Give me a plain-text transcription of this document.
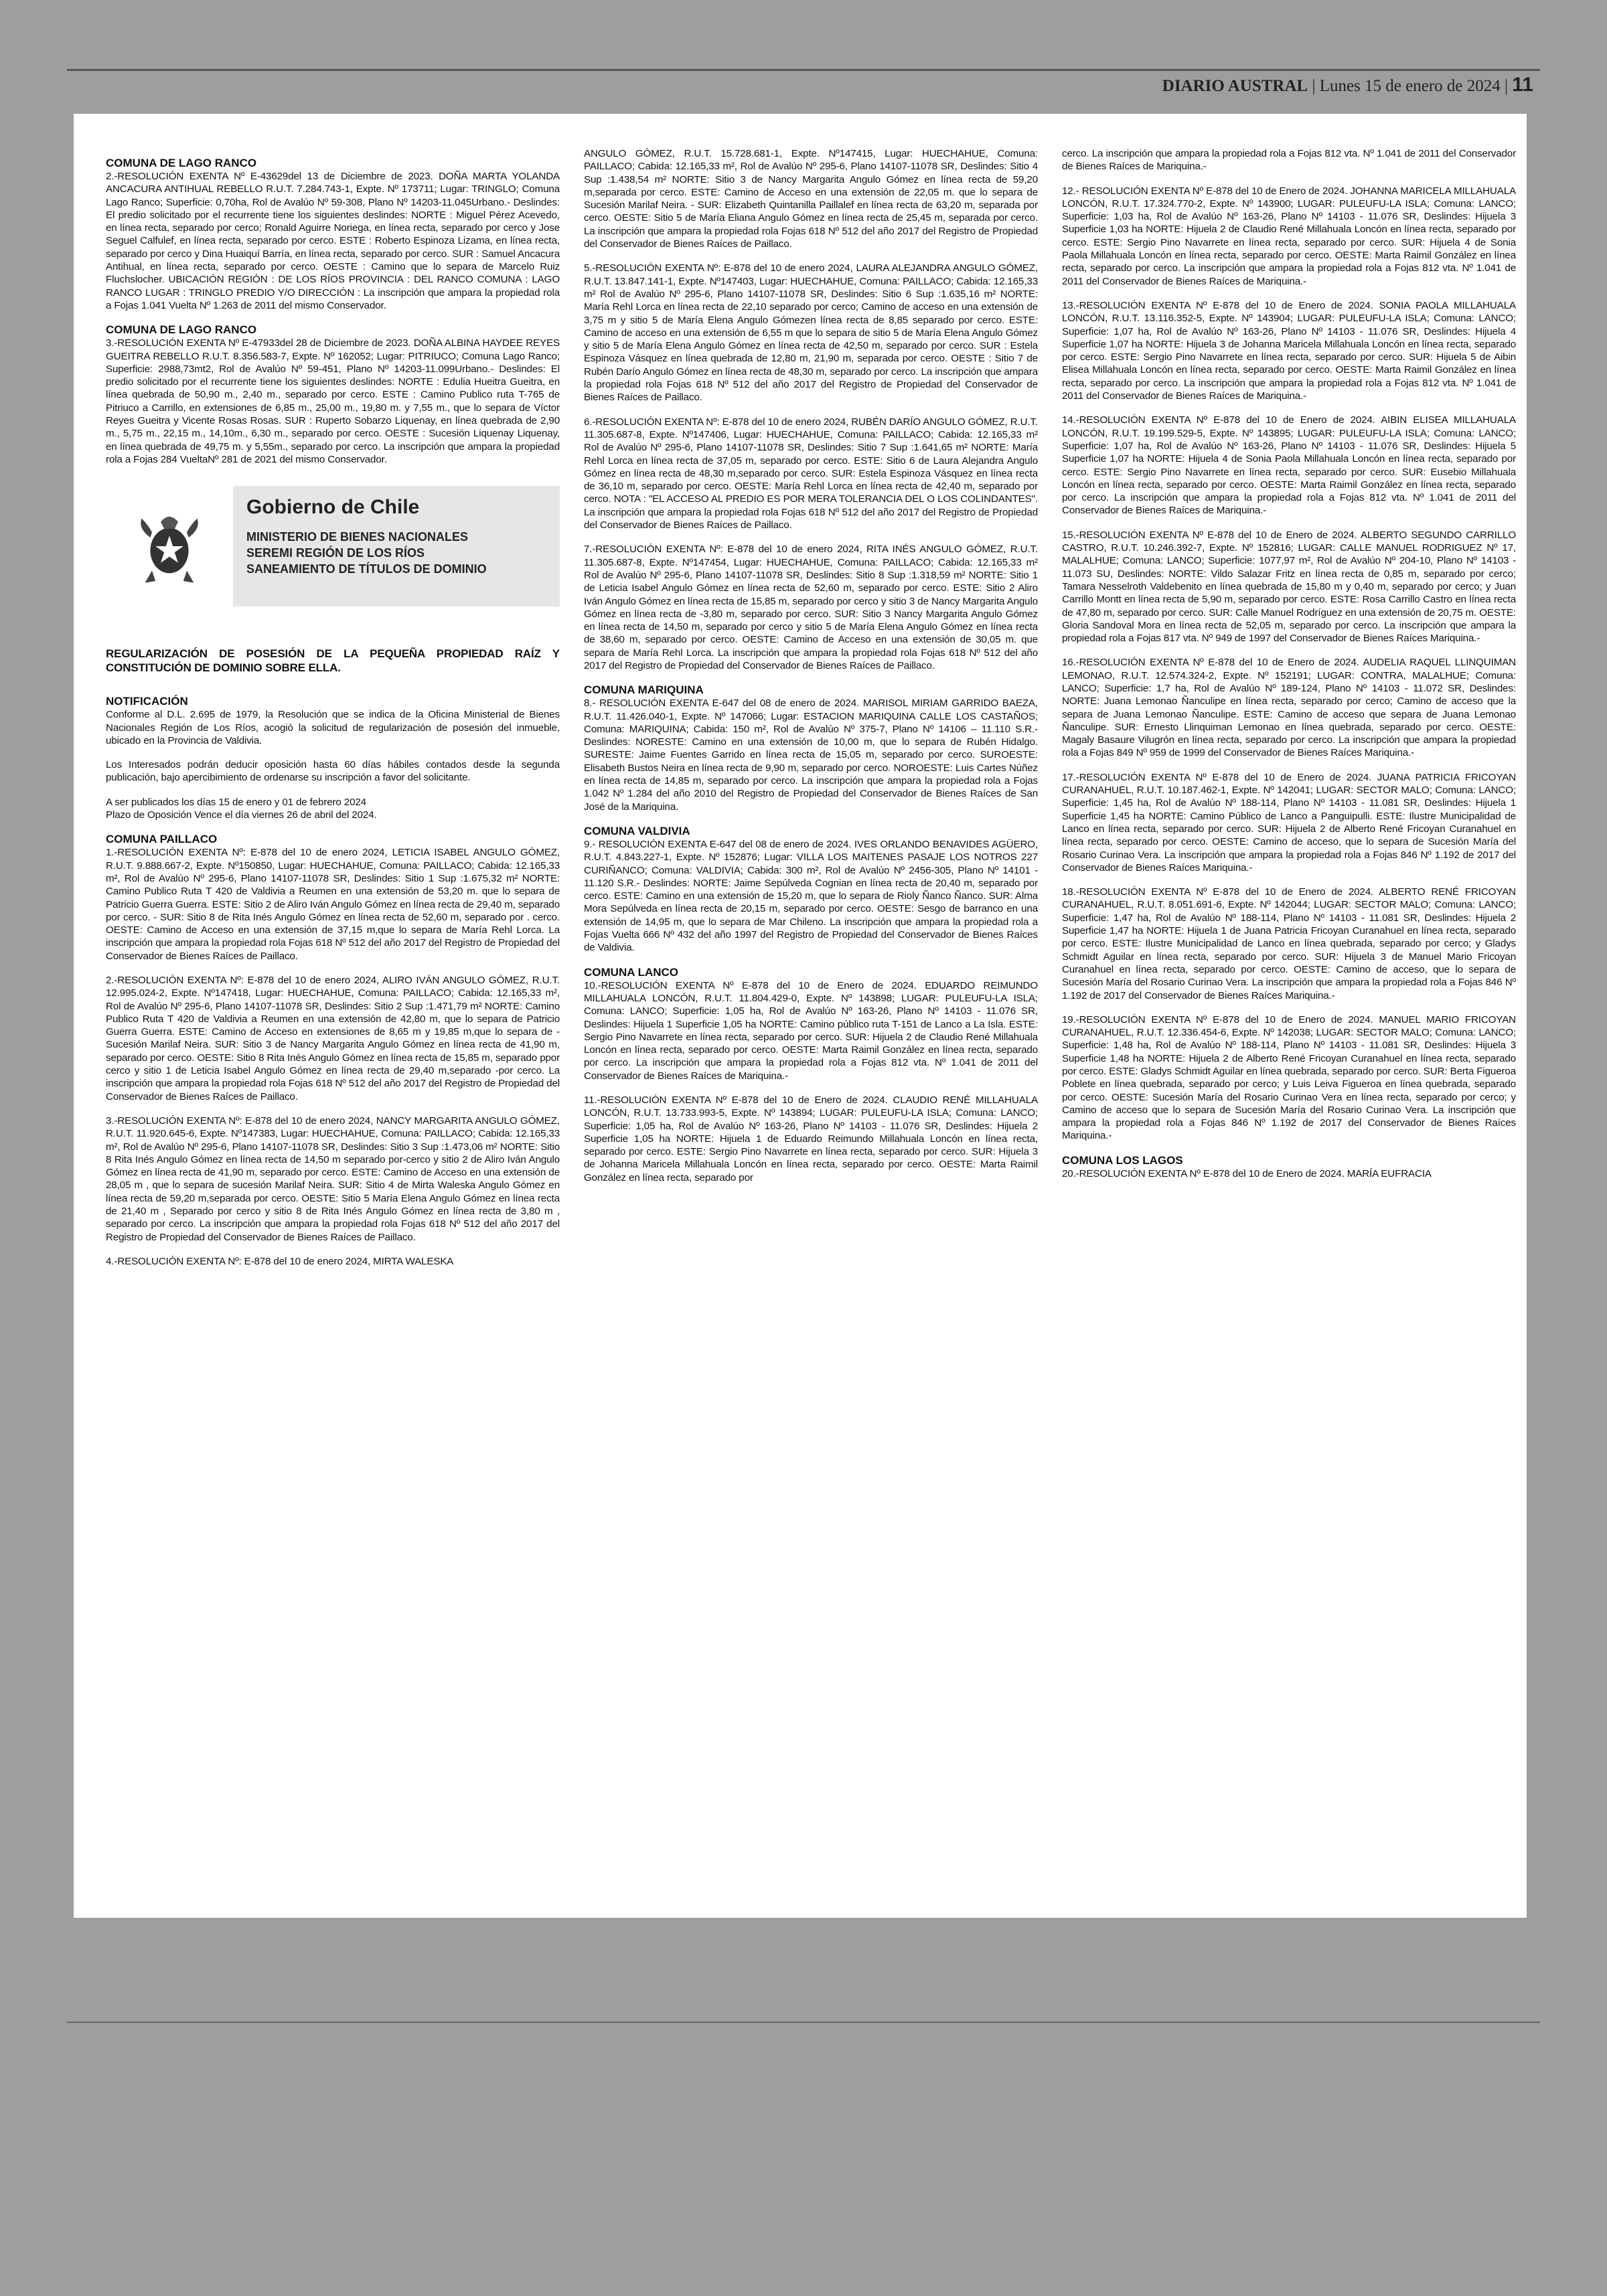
DIARIO AUSTRAL | Lunes 15 de enero de 2024 | 11
COMUNA DE LAGO RANCO

2.-RESOLUCIÓN EXENTA Nº E-43629del 13 de Diciembre de 2023. DOÑA MARTA YOLANDA ANCACURA ANTIHUAL REBELLO R.U.T. 7.284.743-1, Expte. Nº 173711; Lugar: TRINGLO; Comuna Lago Ranco; Superficie: 0,70ha, Rol de Avalúo Nº 59-308, Plano Nº 14203-11.045Urbano.- Deslindes: El predio solicitado por el recurrente tiene los siguientes deslindes: NORTE : Miguel Pérez Acevedo, en línea recta, separado por cerco; Ronald Aguirre Noriega, en línea recta, separado por cerco y Jose Seguel Calfulef, en línea recta, separado por cerco. ESTE : Roberto Espinoza Lizama, en línea recta, separado por cerco y Dina Huaiquí Barría, en línea recta, separado por cerco. SUR : Samuel Ancacura Antihual, en línea recta, separado por cerco. OESTE : Camino que lo separa de Marcelo Ruiz Fluchslocher. UBICACIÓN REGIÓN : DE LOS RÍOS PROVINCIA : DEL RANCO COMUNA : LAGO RANCO LUGAR : TRINGLO PREDIO Y/O DIRECCIÓN : La inscripción que ampara la propiedad rola a Fojas 1.041 Vuelta Nº 1.263 de 2011 del mismo Conservador.

COMUNA DE LAGO RANCO

3.-RESOLUCIÓN EXENTA Nº E-47933del 28 de Diciembre de 2023. DOÑA ALBINA HAYDEE REYES GUEITRA REBELLO R.U.T. 8.356.583-7, Expte. Nº 162052; Lugar: PITRIUCO; Comuna Lago Ranco; Superficie: 2988,73mt2, Rol de Avalúo Nº 59-451, Plano Nº 14203-11.099Urbano.- Deslindes: El predio solicitado por el recurrente tiene los siguientes deslindes: NORTE : Edulia Hueitra Gueitra, en línea quebrada de 50,90 m., 2,40 m., separado por cerco. ESTE : Camino Publico ruta T-765 de Pitriuco a Carrillo, en extensiones de 6,85 m., 25,00 m., 19,80 m. y 7,55 m., que lo separa de Víctor Reyes Gueitra y Vicente Rosas Rosas. SUR : Ruperto Sobarzo Liquenay, en línea quebrada de 2,90 m., 5,75 m., 22,15 m., 14,10m., 6,30 m., separado por cerco. OESTE : Sucesión Liquenay Liquenay, en línea quebrada de 49,75 m. y 5,55m., separado por cerco. La inscripción que ampara la propiedad rola a Fojas 284 VueltaNº 281 de 2021 del mismo Conservador.

Gobierno de Chile
MINISTERIO DE BIENES NACIONALES
SEREMI REGIÓN DE LOS RÍOS
SANEAMIENTO DE TÍTULOS DE DOMINIO

REGULARIZACIÓN DE POSESIÓN DE LA PEQUEÑA PROPIEDAD RAÍZ Y CONSTITUCIÓN DE DOMINIO SOBRE ELLA.

NOTIFICACIÓN

Conforme al D.L. 2.695 de 1979, la Resolución que se indica de la Oficina Ministerial de Bienes Nacionales Región de Los Ríos, acogió la solicitud de regularización de posesión del inmueble, ubicado en la Provincia de Valdivia.

Los Interesados podrán deducir oposición hasta 60 días hábiles contados desde la segunda publicación, bajo apercibimiento de ordenarse su inscripción a favor del solicitante.

A ser publicados los días 15 de enero y 01 de febrero 2024

Plazo de Oposición Vence el día viernes 26 de abril del 2024.

COMUNA PAILLACO

1.-RESOLUCIÓN EXENTA Nº: E-878 del 10 de enero 2024, LETICIA ISABEL ANGULO GÓMEZ, R.U.T. 9.888.667-2, Expte. Nº150850, Lugar: HUECHAHUE, Comuna: PAILLACO; Cabida: 12.165,33 m², Rol de Avalúo Nº 295-6, Plano 14107-11078 SR, Deslindes: Sitio 1 Sup :1.675,32 m² NORTE: Camino Publico Ruta T 420 de Valdivia a Reumen en una extensión de 53,20 m. que lo separa de Patricio Guerra Guerra. ESTE: Sitio 2 de Aliro Iván Angulo Gómez en línea recta de 29,40 m, separado por cerco. - SUR: Sitio 8 de Rita Inés Angulo Gómez en línea recta de 52,60 m, separado por . cerco. OESTE: Camino de Acceso en una extensión de 37,15 m,que lo separa de María Rehl Lorca. La inscripción que ampara la propiedad rola Fojas 618 Nº 512 del año 2017 del Registro de Propiedad del Conservador de Bienes Raíces de Paillaco.

2.-RESOLUCIÓN EXENTA Nº: E-878 del 10 de enero 2024, ALIRO IVÁN ANGULO GÓMEZ, R.U.T. 12.995.024-2, Expte. Nº147418, Lugar: HUECHAHUE, Comuna: PAILLACO; Cabida: 12.165,33 m², Rol de Avalúo Nº 295-6, Plano 14107-11078 SR, Deslindes: Sitio 2 Sup :1.471,79 m² NORTE: Camino Publico Ruta T 420 de Valdivia a Reumen en una extensión de 42,80 m, que lo separa de Patricio Guerra Guerra. ESTE: Camino de Acceso en extensiones de 8,65 m y 19,85 m,que lo separa de - Sucesión Marilaf Neira. SUR: Sitio 3 de Nancy Margarita Angulo Gómez en línea recta de 41,90 m, separado por cerco. OESTE: Sitio 8 Rita Inés Angulo Gómez en línea recta de 15,85 m, separado ppor cerco y sitio 1 de Leticia Isabel Angulo Gómez en línea recta de 29,40 m,separado -por cerco. La inscripción que ampara la propiedad rola Fojas 618 Nº 512 del año 2017 del Registro de Propiedad del Conservador de Bienes Raíces de Paillaco.

3.-RESOLUCIÓN EXENTA Nº: E-878 del 10 de enero 2024, NANCY MARGARITA ANGULO GÓMEZ, R.U.T. 11.920.645-6, Expte. Nº147383, Lugar: HUECHAHUE, Comuna: PAILLACO; Cabida: 12.165,33 m², Rol de Avalúo Nº 295-6, Plano 14107-11078 SR, Deslindes: Sitio 3 Sup :1.473,06 m² NORTE: Sitio 8 Rita Inés Angulo Gómez en línea recta de 14,50 m separado por-cerco y sitio 2 de Aliro Iván Angulo Gómez en línea recta de 41,90 m, separado por cerco. ESTE: Camino de Acceso en una extensión de 28,05 m , que lo separa de sucesión Marilaf Neira. SUR: Sitio 4 de Mirta Waleska Angulo Gómez en línea recta de 59,20 m,separada por cerco. OESTE: Sitio 5 María Elena Angulo Gómez en línea recta de 21,40 m , Separado por cerco y sitio 8 de Rita Inés Angulo Gómez en línea recta de 3,80 m , separado por cerco. La inscripción que ampara la propiedad rola Fojas 618 Nº 512 del año 2017 del Registro de Propiedad del Conservador de Bienes Raíces de Paillaco.

4.-RESOLUCIÓN EXENTA Nº: E-878 del 10 de enero 2024, MIRTA WALESKA

ANGULO GÓMEZ, R.U.T. 15.728.681-1, Expte. Nº147415, Lugar: HUECHAHUE, Comuna: PAILLACO; Cabida: 12.165,33 m², Rol de Avalúo Nº 295-6, Plano 14107-11078 SR, Deslindes: Sitio 4 Sup :1.438,54 m² NORTE: Sitio 3 de Nancy Margarita Angulo Gómez en línea recta de 59,20 m,separada por cerco. ESTE: Camino de Acceso en una extensión de 22,05 m. que lo separa de Sucesión Marilaf Neira. - SUR: Elizabeth Quintanilla Paillalef en línea recta de 63,20 m, separada por cerco. OESTE: Sitio 5 de María Eliana Angulo Gómez en línea recta de 25,45 m, separada por cerco. La inscripción que ampara la propiedad rola Fojas 618 Nº 512 del año 2017 del Registro de Propiedad del Conservador de Bienes Raíces de Paillaco.

5.-RESOLUCIÓN EXENTA Nº: E-878 del 10 de enero 2024, LAURA ALEJANDRA ANGULO GÓMEZ, R.U.T. 13.847.141-1, Expte. Nº147403, Lugar: HUECHAHUE, Comuna: PAILLACO; Cabida: 12.165,33 m² Rol de Avalúo Nº 295-6, Plano 14107-11078 SR, Deslindes: Sitio 6 Sup :1.635,16 m² NORTE: María Rehl Lorca en línea recta de 22,10 separado por cerco; Camino de acceso en una extensión de 3,75 m y sitio 5 de María Elena Angulo Gómezen línea recta de 8,85 separado por cerco. ESTE: Camino de acceso en una extensión de 6,55 m que lo separa de sitio 5 de María Elena Angulo Gómez y sitio 5 de María Elena Angulo Gómez en línea recta de 42,50 m, separado por cerco. SUR : Estela Espinoza Vásquez en línea quebrada de 12,80 m, 21,90 m, separada por cerco. OESTE : Sitio 7 de Rubén Darío Angulo Gómez en línea recta de 48,30 m, separado por cerco. La inscripción que ampara la propiedad rola Fojas 618 Nº 512 del año 2017 del Registro de Propiedad del Conservador de Bienes Raíces de Paillaco.

6.-RESOLUCIÓN EXENTA Nº: E-878 del 10 de enero 2024, RUBÉN DARÍO ANGULO GÓMEZ, R.U.T. 11.305.687-8, Expte. Nº147406, Lugar: HUECHAHUE, Comuna: PAILLACO; Cabida: 12.165,33 m² Rol de Avalúo Nº 295-6, Plano 14107-11078 SR, Deslindes: Sitio 7 Sup :1.641,65 m² NORTE: María Rehl Lorca en línea recta de 37,05 m, separado por cerco. ESTE: Sitio 6 de Laura Alejandra Angulo Gómez en línea recta de 48,30 m,separado por cerco. SUR: Estela Espinoza Vásquez en línea recta de 36,10 m, separado por cerco. OESTE: María Rehl Lorca en línea recta de 42,40 m, separado por cerco. NOTA : "EL ACCESO AL PREDIO ES POR MERA TOLERANCIA DEL O LOS COLINDANTES". La inscripción que ampara la propiedad rola Fojas 618 Nº 512 del año 2017 del Registro de Propiedad del Conservador de Bienes Raíces de Paillaco.

7.-RESOLUCIÓN EXENTA Nº: E-878 del 10 de enero 2024, RITA INÉS ANGULO GÓMEZ, R.U.T. 11.305.687-8, Expte. Nº147454, Lugar: HUECHAHUE, Comuna: PAILLACO; Cabida: 12.165,33 m² Rol de Avalúo Nº 295-6, Plano 14107-11078 SR, Deslindes: Sitio 8 Sup :1.318,59 m² NORTE: Sitio 1 de Leticia Isabel Angulo Gómez en línea recta de 52,60 m, separado por cerco. ESTE: Sitio 2 Aliro Iván Angulo Gómez en línea recta de 15,85 m, separado por cerco y sitio 3 de Nancy Margarita Angulo Gómez en línea recta de -3,80 m, separado por cerco. SUR: Sitio 3 Nancy Margarita Angulo Gómez en línea recta de 14,50 m, separado por cerco y sitio 5 de María Elena Angulo Gómez en línea recta de 38,60 m, separado por cerco. OESTE: Camino de Acceso en una extensión de 30,05 m. que separa de María Rehl Lorca. La inscripción que ampara la propiedad rola Fojas 618 Nº 512 del año 2017 del Registro de Propiedad del Conservador de Bienes Raíces de Paillaco.

COMUNA MARIQUINA

8.- RESOLUCIÓN EXENTA E-647 del 08 de enero de 2024. MARISOL MIRIAM GARRIDO BAEZA, R.U.T. 11.426.040-1, Expte. Nº 147066; Lugar: ESTACION MARIQUINA CALLE LOS CASTAÑOS; Comuna: MARIQUINA; Cabida: 150 m², Rol de Avalúo Nº 375-7, Plano Nº 14106 – 11.110 S.R.- Deslindes: NORESTE: Camino en una extensión de 10,00 m, que lo separa de Rubén Hidalgo. SURESTE: Jaime Fuentes Garrido en línea recta de 15,05 m, separado por cerco. SUROESTE: Elisabeth Bustos Neira en línea recta de 9,90 m, separado por cerco. NOROESTE: Luis Cartes Núñez en línea recta de 14,85 m, separado por cerco. La inscripción que ampara la propiedad rola a Fojas 1.042 Nº 1.284 del año 2010 del Registro de Propiedad del Conservador de Bienes Raíces de San José de la Mariquina.

COMUNA VALDIVIA

9.- RESOLUCIÓN EXENTA E-647 del 08 de enero de 2024. IVES ORLANDO BENAVIDES AGÜERO, R.U.T. 4.843.227-1, Expte. Nº 152876; Lugar: VILLA LOS MAITENES PASAJE LOS NOTROS 227 CURIÑANCO; Comuna: VALDIVIA; Cabida: 300 m², Rol de Avalúo Nº 2456-305, Plano Nº 14101 - 11.120 S.R.- Deslindes: NORTE: Jaime Sepúlveda Cognian en línea recta de 20,40 m, separado por cerco. ESTE: Camino en una extensión de 15,20 m, que lo separa de Rioly Ñanco Ñanco. SUR: Alma Mora Sepúlveda en línea recta de 20,15 m, separado por cerco. OESTE: Sesgo de barranco en una extensión de 14,95 m, que lo separa de Mar Chileno. La inscripción que ampara la propiedad rola a Fojas Vuelta 666 Nº 432 del año 1997 del Registro de Propiedad del Conservador de Bienes Raíces de Valdivia.

COMUNA LANCO

10.-RESOLUCIÓN EXENTA Nº E-878 del 10 de Enero de 2024. EDUARDO REIMUNDO MILLAHUALA LONCÓN, R.U.T. 11.804.429-0, Expte. Nº 143898; LUGAR: PULEUFU-LA ISLA; Comuna: LANCO; Superficie: 1,05 ha, Rol de Avalúo Nº 163-26, Plano Nº 14103 - 11.076 SR, Deslindes: Hijuela 1 Superficie 1,05 ha NORTE: Camino público ruta T-151 de Lanco a La Isla. ESTE: Sergio Pino Navarrete en línea recta, separado por cerco. SUR: Hijuela 2 de Claudio René Millahuala Loncón en línea recta, separado por cerco. OESTE: Marta Raimil González en línea recta, separado por cerco. La inscripción que ampara la propiedad rola a Fojas 812 vta. Nº 1.041 de 2011 del Conservador de Bienes Raíces de Mariquina.-

11.-RESOLUCIÓN EXENTA Nº E-878 del 10 de Enero de 2024. CLAUDIO RENÉ MILLAHUALA LONCÓN, R.U.T. 13.733.993-5, Expte. Nº 143894; LUGAR: PULEUFU-LA ISLA; Comuna: LANCO; Superficie: 1,05 ha, Rol de Avalúo Nº 163-26, Plano Nº 14103 - 11.076 SR, Deslindes: Hijuela 2 Superficie 1,05 ha NORTE: Hijuela 1 de Eduardo Reimundo Millahuala Loncón en línea recta, separado por cerco. ESTE: Sergio Pino Navarrete en línea recta, separado por cerco. SUR: Hijuela 3 de Johanna Maricela Millahuala Loncón en línea recta, separado por cerco. OESTE: Marta Raimil González en línea recta, separado por

cerco. La inscripción que ampara la propiedad rola a Fojas 812 vta. Nº 1.041 de 2011 del Conservador de Bienes Raíces de Mariquina.-

12.- RESOLUCIÓN EXENTA Nº E-878 del 10 de Enero de 2024. JOHANNA MARICELA MILLAHUALA LONCÓN, R.U.T. 17.324.770-2, Expte. Nº 143900; LUGAR: PULEUFU-LA ISLA; Comuna: LANCO; Superficie: 1,03 ha, Rol de Avalúo Nº 163-26, Plano Nº 14103 - 11.076 SR, Deslindes: Hijuela 3 Superficie 1,03 ha NORTE: Hijuela 2 de Claudio René Millahuala Loncón en línea recta, separado por cerco. ESTE: Sergio Pino Navarrete en línea recta, separado por cerco. SUR: Hijuela 4 de Sonia Paola Millahuala Loncón en línea recta, separado por cerco. OESTE: Marta Raimil González en línea recta, separado por cerco. La inscripción que ampara la propiedad rola a Fojas 812 vta. Nº 1.041 de 2011 del Conservador de Bienes Raíces de Mariquina.-

13.-RESOLUCIÓN EXENTA Nº E-878 del 10 de Enero de 2024. SONIA PAOLA MILLAHUALA LONCÓN, R.U.T. 13.116.352-5, Expte. Nº 143904; LUGAR: PULEUFU-LA ISLA; Comuna: LANCO; Superficie: 1,07 ha, Rol de Avalúo Nº 163-26, Plano Nº 14103 - 11.076 SR, Deslindes: Hijuela 4 Superficie 1,07 ha NORTE: Hijuela 3 de Johanna Maricela Millahuala Loncón en línea recta, separado por cerco. ESTE: Sergio Pino Navarrete en línea recta, separado por cerco. SUR: Hijuela 5 de Aibin Elisea Millahuala Loncón en línea recta, separado por cerco. OESTE: Marta Raimil González en línea recta, separado por cerco. La inscripción que ampara la propiedad rola a Fojas 812 vta. Nº 1.041 de 2011 del Conservador de Bienes Raíces de Mariquina.-

14.-RESOLUCIÓN EXENTA Nº E-878 del 10 de Enero de 2024. AIBIN ELISEA MILLAHUALA LONCÓN, R.U.T. 19.199.529-5, Expte. Nº 143895; LUGAR: PULEUFU-LA ISLA; Comuna: LANCO; Superficie: 1,07 ha, Rol de Avalúo Nº 163-26, Plano Nº 14103 - 11.076 SR, Deslindes: Hijuela 5 Superficie 1,07 ha NORTE: Hijuela 4 de Sonia Paola Millahuala Loncón en línea recta, separado por cerco. ESTE: Sergio Pino Navarrete en línea recta, separado por cerco. SUR: Eusebio Millahuala Loncón en línea recta, separado por cerco. OESTE: Marta Raimil González en línea recta, separado por cerco. La inscripción que ampara la propiedad rola a Fojas 812 vta. Nº 1.041 de 2011 del Conservador de Bienes Raíces de Mariquina.-

15.-RESOLUCIÓN EXENTA Nº E-878 del 10 de Enero de 2024. ALBERTO SEGUNDO CARRILLO CASTRO, R.U.T. 10.246.392-7, Expte. Nº 152816; LUGAR: CALLE MANUEL RODRIGUEZ Nº 17, MALALHUE; Comuna: LANCO; Superficie: 1077,97 m², Rol de Avalúo Nº 204-10, Plano Nº 14103 - 11.073 SU, Deslindes: NORTE: Vildo Salazar Fritz en línea recta de 0,85 m, separado por cerco; Tamara Nesselroth Valdebenito en línea quebrada de 15,80 m y 0,40 m, separado por cerco; y Juan Carrillo Montt en línea recta de 5,90 m, separado por cerco. ESTE: Rosa Carrillo Castro en línea recta de 47,80 m, separado por cerco. SUR: Calle Manuel Rodríguez en una extensión de 20,75 m. OESTE: Gloria Sandoval Mora en línea recta de 52,05 m, separado por cerco. La inscripción que ampara la propiedad rola a Fojas 817 vta. Nº 949 de 1997 del Conservador de Bienes Raíces Mariquina.-

16.-RESOLUCIÓN EXENTA Nº E-878 del 10 de Enero de 2024. AUDELIA RAQUEL LLINQUIMAN LEMONAO, R.U.T. 12.574.324-2, Expte. Nº 152191; LUGAR: CONTRA, MALALHUE; Comuna: LANCO; Superficie: 1,7 ha, Rol de Avalúo Nº 189-124, Plano Nº 14103 - 11.072 SR, Deslindes: NORTE: Juana Lemonao Ñanculipe en línea recta, separado por cerco; Camino de acceso que la separa de Juana Lemonao Ñanculipe. ESTE: Camino de acceso que separa de Juana Lemonao Ñanculipe. SUR: Ernesto Llinquiman Lemonao en línea quebrada, separado por cerco. OESTE: Magaly Basaure Vilugrón en línea recta, separado por cerco. La inscripción que ampara la propiedad rola a Fojas 849 Nº 959 de 1999 del Conservador de Bienes Raíces Mariquina.-

17.-RESOLUCIÓN EXENTA Nº E-878 del 10 de Enero de 2024. JUANA PATRICIA FRICOYAN CURANAHUEL, R.U.T. 10.187.462-1, Expte. Nº 142041; LUGAR: SECTOR MALO; Comuna: LANCO; Superficie: 1,45 ha, Rol de Avalúo Nº 188-114, Plano Nº 14103 - 11.081 SR, Deslindes: Hijuela 1 Superficie 1,45 ha NORTE: Camino Público de Lanco a Panguipulli. ESTE: Ilustre Municipalidad de Lanco en línea recta, separado por cerco. SUR: Hijuela 2 de Alberto René Fricoyan Curanahuel en línea recta, separado por cerco. OESTE: Camino de acceso, que lo separa de Sucesión María del Rosario Curinao Vera. La inscripción que ampara la propiedad rola a Fojas 846 Nº 1.192 de 2017 del Conservador de Bienes Raíces Mariquina.-

18.-RESOLUCIÓN EXENTA Nº E-878 del 10 de Enero de 2024. ALBERTO RENÉ FRICOYAN CURANAHUEL, R.U.T. 8.051.691-6, Expte. Nº 142044; LUGAR: SECTOR MALO; Comuna: LANCO; Superficie: 1,47 ha, Rol de Avalúo Nº 188-114, Plano Nº 14103 - 11.081 SR, Deslindes: Hijuela 2 Superficie 1,47 ha NORTE: Hijuela 1 de Juana Patricia Fricoyan Curanahuel en línea recta, separado por cerco. ESTE: Ilustre Municipalidad de Lanco en línea quebrada, separado por cerco; y Gladys Schmidt Aguilar en línea recta, separado por cerco. SUR: Hijuela 3 de Manuel Mario Fricoyan Curanahuel en línea recta, separado por cerco. OESTE: Camino de acceso, que lo separa de Sucesión María del Rosario Curinao Vera. La inscripción que ampara la propiedad rola a Fojas 846 Nº 1.192 de 2017 del Conservador de Bienes Raíces Mariquina.-

19.-RESOLUCIÓN EXENTA Nº E-878 del 10 de Enero de 2024. MANUEL MARIO FRICOYAN CURANAHUEL, R.U.T. 12.336.454-6, Expte. Nº 142038; LUGAR: SECTOR MALO; Comuna: LANCO; Superficie: 1,48 ha, Rol de Avalúo Nº 188-114, Plano Nº 14103 - 11.081 SR, Deslindes: Hijuela 3 Superficie 1,48 ha NORTE: Hijuela 2 de Alberto René Fricoyan Curanahuel en línea recta, separado por cerco. ESTE: Gladys Schmidt Aguilar en línea quebrada, separado por cerco. SUR: Berta Figueroa Poblete en línea quebrada, separado por cerco; y Luis Leiva Figueroa en línea quebrada, separado por cerco. OESTE: Sucesión María del Rosario Curinao Vera en línea recta, separado por cerco; y Camino de acceso que lo separa de Sucesión María del Rosario Curinao Vera. La inscripción que ampara la propiedad rola a Fojas 846 Nº 1.192 de 2017 del Conservador de Bienes Raíces Mariquina.-

COMUNA LOS LAGOS

20.-RESOLUCIÓN EXENTA Nº E-878 del 10 de Enero de 2024. MARÍA EUFRACIA
